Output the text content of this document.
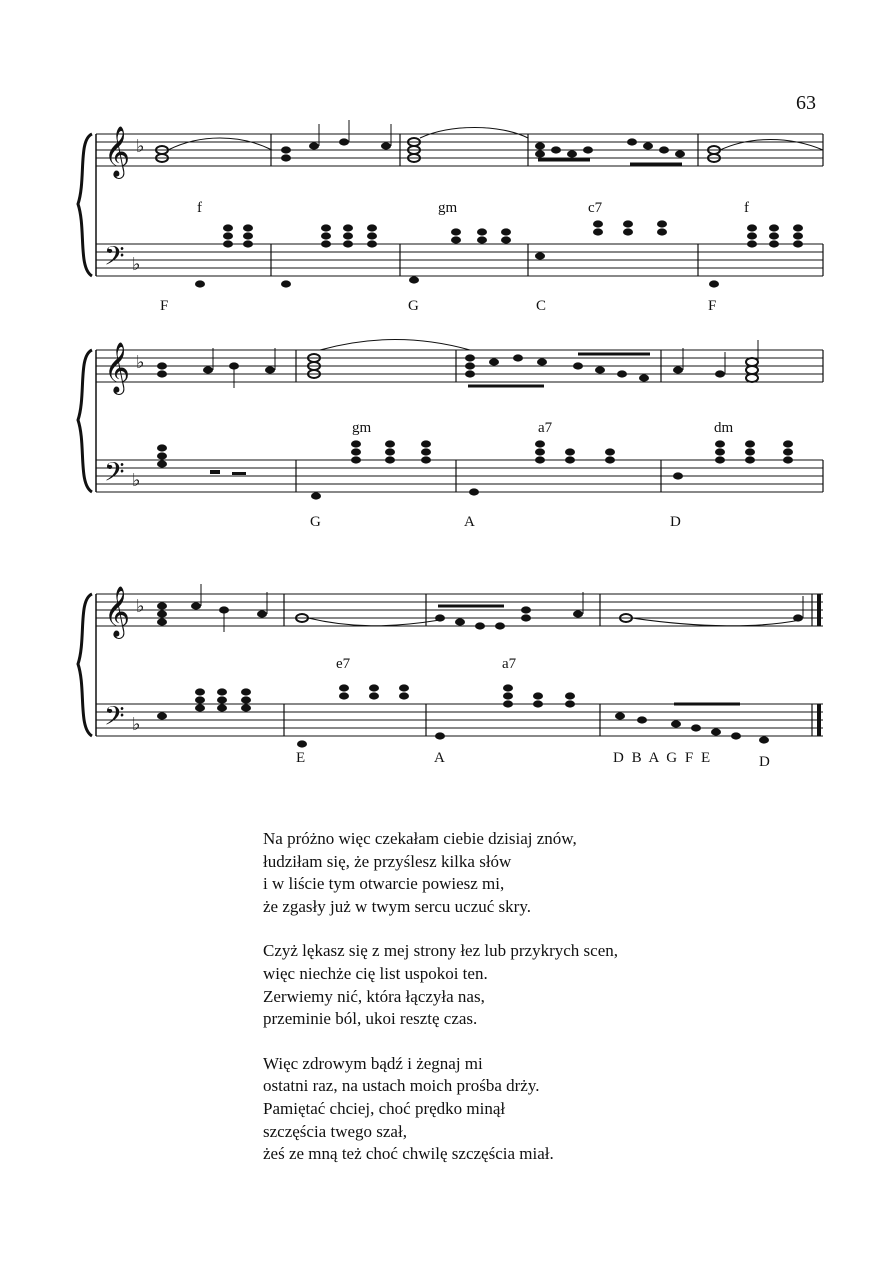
63
𝄞 ♭
𝄢 ♭
f	gm	c7	f
F	G	C	F
𝄞 ♭
𝄢 ♭
gm	a7	dm
G	A	D
𝄞 ♭
𝄢 ♭
e7	a7
E	A	D B A G F E	D
Na próżno więc czekałam ciebie dzisiaj znów,
łudziłam się, że przyślesz kilka słów
i w liście tym otwarcie powiesz mi,
że zgasły już w twym sercu uczuć skry.
Czyż lękasz się z mej strony łez lub przykrych scen,
więc niechże cię list uspokoi ten.
Zerwiemy nić, która łączyła nas,
przeminie ból, ukoi resztę czas.
Więc zdrowym bądź i żegnaj mi
ostatni raz, na ustach moich prośba drży.
Pamiętać chciej, choć prędko minął
szczęścia twego szał,
żeś ze mną też choć chwilę szczęścia miał.
